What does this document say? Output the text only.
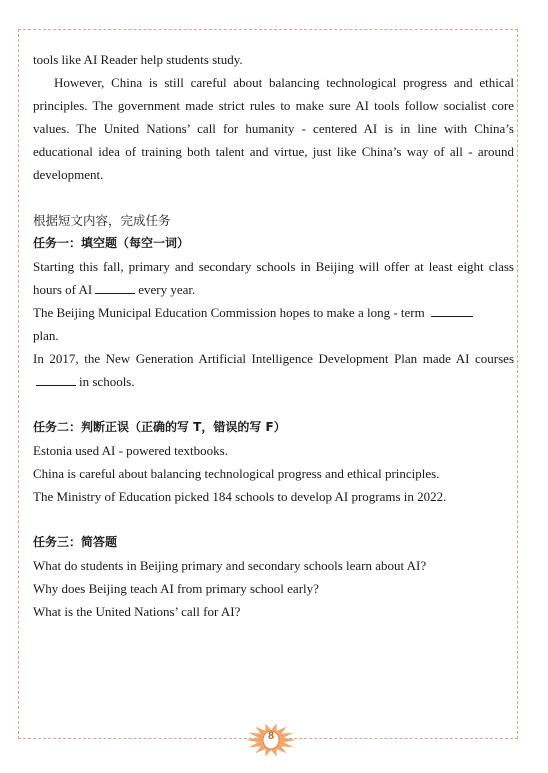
tools like AI Reader help students study.

However, China is still careful about balancing technological progress and ethical principles. The government made strict rules to make sure AI tools follow socialist core values. The United Nations’ call for humanity - centered AI is in line with China’s educational idea of training both talent and virtue, just like China’s way of all - around development.

根据短文内容，完成任务

任务一：填空题（每空一词）

Starting this fall, primary and secondary schools in Beijing will offer at least eight class hours of AI	every year.

The Beijing Municipal Education Commission hopes to make a long - term
plan.

In 2017, the New Generation Artificial Intelligence Development Plan made AI coursesin schools.

任务二：判断正误（正确的写 T，错误的写 F）

Estonia used AI - powered textbooks.

China is careful about balancing technological progress and ethical principles.

The Ministry of Education picked 184 schools to develop AI programs in 2022.

任务三：简答题

What do students in Beijing primary and secondary schools learn about AI?

Why does Beijing teach AI from primary school early?

What is the United Nations’ call for AI?

8
